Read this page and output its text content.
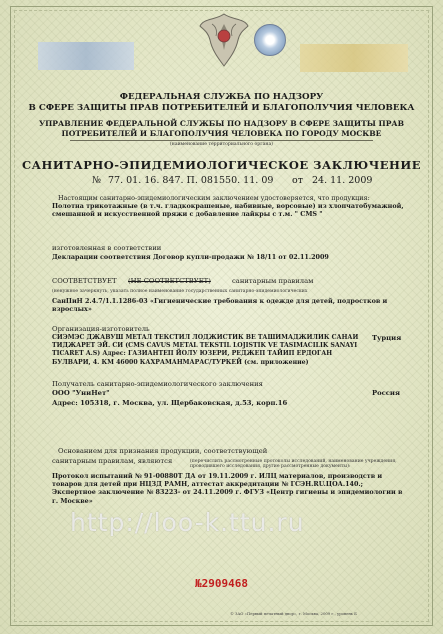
ФЕДЕРАЛЬНАЯ СЛУЖБА ПО НАДЗОРУ
В СФЕРЕ ЗАЩИТЫ ПРАВ ПОТРЕБИТЕЛЕЙ И БЛАГОПОЛУЧИЯ ЧЕЛОВЕКА
УПРАВЛЕНИЕ ФЕДЕРАЛЬНОЙ СЛУЖБЫ ПО НАДЗОРУ В СФЕРЕ ЗАЩИТЫ ПРАВ
ПОТРЕБИТЕЛЕЙ И БЛАГОПОЛУЧИЯ ЧЕЛОВЕКА ПО ГОРОДУ МОСКВЕ
(наименование территориального органа)
САНИТАРНО-ЭПИДЕМИОЛОГИЧЕСКОЕ ЗАКЛЮЧЕНИЕ
№ 77. 01. 16. 847. П. 081550. 11. 09 от 24. 11. 2009
Настоящим санитарно-эпидемиологическим заключением удостоверяется, что продукция:
Полотна трикотажные (в т.ч. гладкокрашеные, набивные, ворсовые) из хлопчатобумажной, смешанной и искусственной пряжи с добавление лайкры с т.м. " CMS "
изготовленная в соответствии
Декларации соответствия Договор купли-продажи № 18/11 от 02.11.2009
СООТВЕТСТВУЕТ (НЕ СООТВЕТСТВУЕТ)	санитарным правилам
(ненужное зачеркнуть, указать полное наименование государственных санитарно-эпидемиологических
СанПиН 2.4.7/1.1.1286-03 «Гигиенические требования к одежде для детей, подростков и взрослых»
Организация-изготовитель
Турция
СИЭМЭС ДЖАВУШ МЕТАЛ ТЕКСТИЛ ЛОДЖИСТИК ВЕ ТАШИМАДЖИЛИК САНАИ ТИДЖАРЕТ ЭЙ. СИ (CMS CAVUS METAL TEKSTIL LOJISTIK VE TASIMACILIK SANAYI TICARET A.S) Адрес: ГАЗИАНТЕП ЙОЛУ ЮЗЕРИ, РЕДЖЕП ТАЙИП ЕРДОГАН БУЛВАРИ, 4. КМ 46000 КАХРАМАНМАРАС/ТУРКЕЙ (см. приложение)
Получатель санитарно-эпидемиологического заключения
Россия
ООО "УниНет"
Адрес: 105318, г. Москва, ул. Щербаковская, д.53, корп.16
Основанием для признания продукции, соответствующей
санитарным правилам, являются	(перечислить рассмотренные протоколы исследований, наименование учреждения, проводившего исследования, другие рассмотренные документы):
Протокол испытаний № 91-00880Т ДА от 19.11.2009 г. ИЛЦ материалов, производств и товаров для детей при НЦЗД РАМН, аттестат аккредитации № ГСЭН.RU.ЦОА.140.; Экспертное заключение № 83223- от 24.11.2009 г. ФГУЗ «Центр гигиены и эпидемиологии в г. Москве»
http://loo-k.ttu.ru
№2909468
© ЗАО «Первый печатный двор», г. Москва, 2009 г., уровень Б
